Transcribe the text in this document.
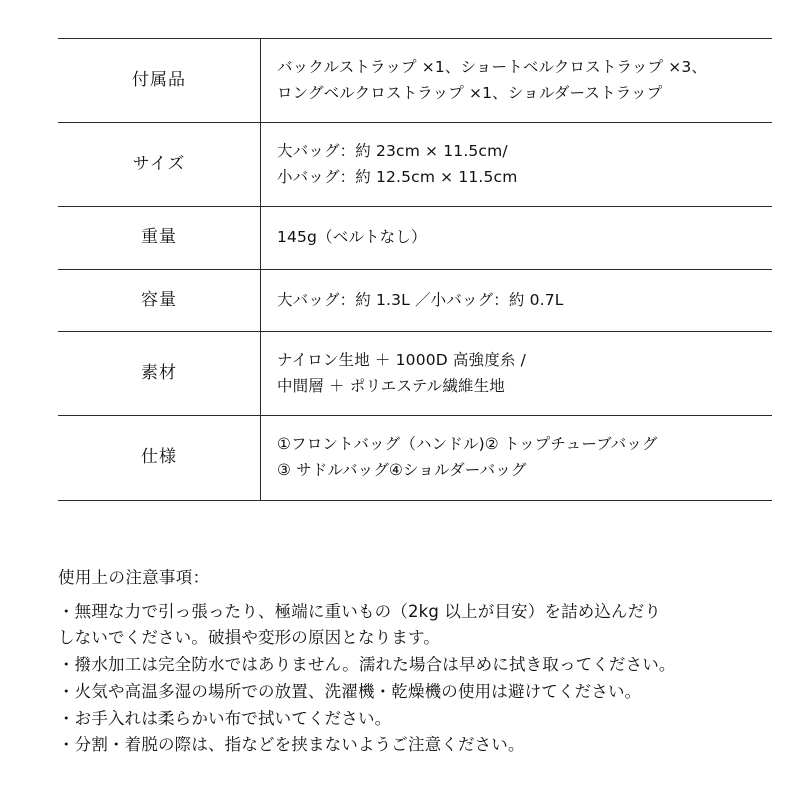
付属品	バックルストラップ ×1、ショートベルクロストラップ ×3、
ロングベルクロストラップ ×1、ショルダーストラップ

サイズ	大バッグ：約 23cm × 11.5cm/
小バッグ：約 12.5cm × 11.5cm

重量	145g（ベルトなし）

容量	大バッグ：約 1.3L ／小バッグ：約 0.7L

素材	ナイロン生地 ＋ 1000D 高強度糸 /
中間層 ＋ ポリエステル繊維生地

仕様	①フロントバッグ（ハンドル)② トップチューブバッグ
③ サドルバッグ④ショルダーバッグ

使用上の注意事項：

・無理な力で引っ張ったり、極端に重いもの（2kg 以上が目安）を詰め込んだり
しないでください。破損や変形の原因となります。
・撥水加工は完全防水ではありません。濡れた場合は早めに拭き取ってください。
・火気や高温多湿の場所での放置、洗濯機・乾燥機の使用は避けてください。
・お手入れは柔らかい布で拭いてください。
・分割・着脱の際は、指などを挟まないようご注意ください。
